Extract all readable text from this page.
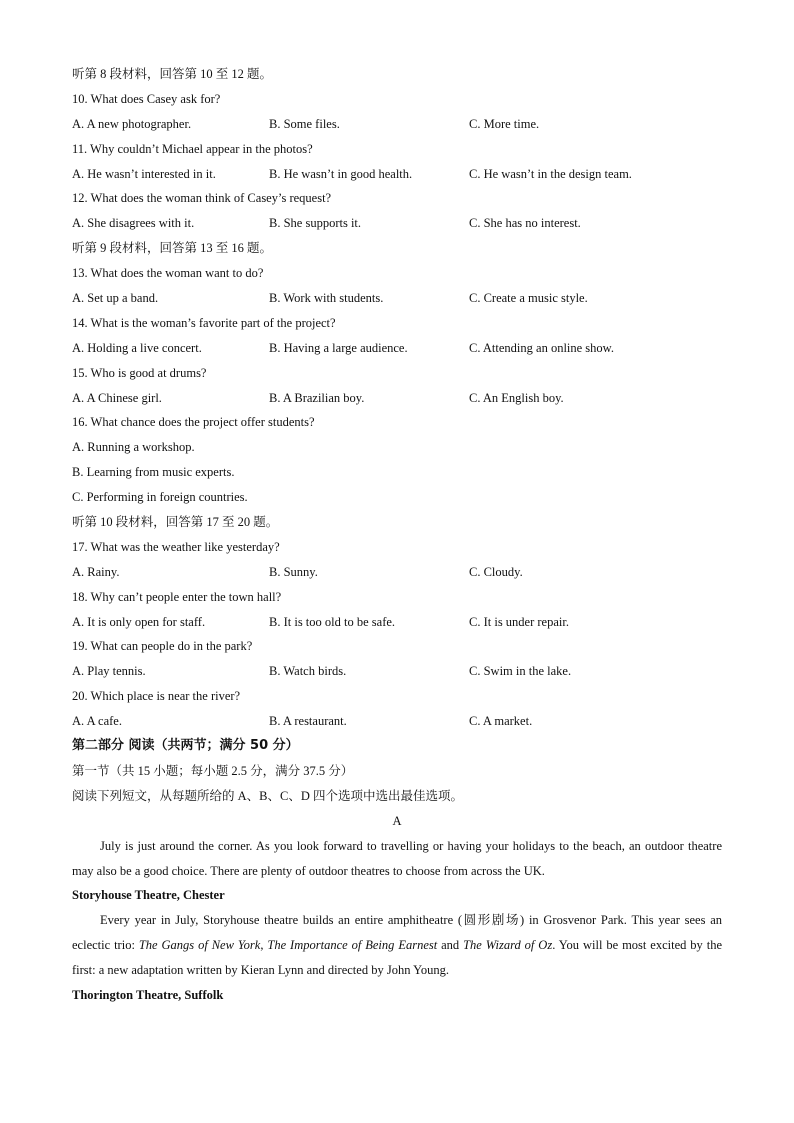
听第 8 段材料，回答第 10 至 12 题。
10. What does Casey ask for?
A. A new photographer.	B. Some files.	C. More time.
11. Why couldn’t Michael appear in the photos?
A. He wasn’t interested in it.	B. He wasn’t in good health.	C. He wasn’t in the design team.
12. What does the woman think of Casey’s request?
A. She disagrees with it.	B. She supports it.	C. She has no interest.
听第 9 段材料，回答第 13 至 16 题。
13. What does the woman want to do?
A. Set up a band.	B. Work with students.	C. Create a music style.
14. What is the woman’s favorite part of the project?
A. Holding a live concert.	B. Having a large audience.	C. Attending an online show.
15. Who is good at drums?
A. A Chinese girl.	B. A Brazilian boy.	C. An English boy.
16. What chance does the project offer students?
A. Running a workshop.
B. Learning from music experts.
C. Performing in foreign countries.
听第 10 段材料，回答第 17 至 20 题。
17. What was the weather like yesterday?
A. Rainy.	B. Sunny.	C. Cloudy.
18. Why can’t people enter the town hall?
A. It is only open for staff.	B. It is too old to be safe.	C. It is under repair.
19. What can people do in the park?
A. Play tennis.	B. Watch birds.	C. Swim in the lake.
20. Which place is near the river?
A. A cafe.	B. A restaurant.	C. A market.
第二部分 阅读（共两节；满分 50 分）
第一节（共 15 小题；每小题 2.5 分，满分 37.5 分）
阅读下列短文，从每题所给的 A、B、C、D 四个选项中选出最佳选项。
A
July is just around the corner. As you look forward to travelling or having your holidays to the beach, an outdoor theatre may also be a good choice. There are plenty of outdoor theatres to choose from across the UK.
Storyhouse Theatre, Chester
Every year in July, Storyhouse theatre builds an entire amphitheatre (圆形剧场) in Grosvenor Park. This year sees an eclectic trio: The Gangs of New York, The Importance of Being Earnest and The Wizard of Oz. You will be most excited by the first: a new adaptation written by Kieran Lynn and directed by John Young.
Thorington Theatre, Suffolk
